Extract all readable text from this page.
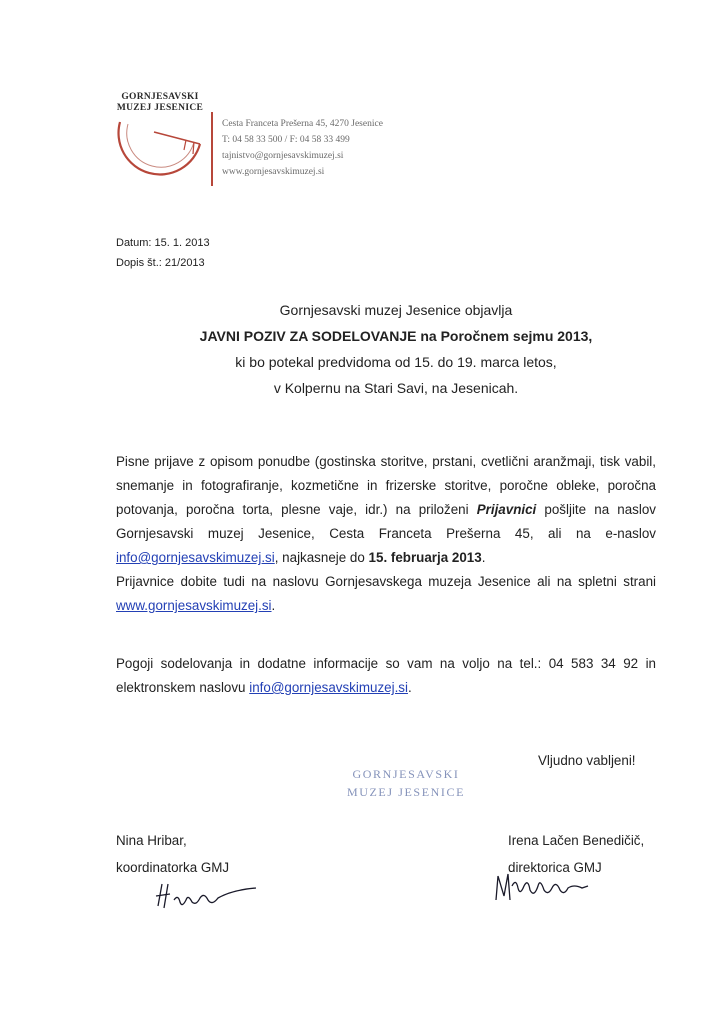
GORNJESAVSKI
MUZEJ JESENICE
Cesta Franceta Prešerna 45, 4270 Jesenice
T: 04 58 33 500 / F: 04 58 33 499
tajnistvo@gornjesavskimuzej.si
www.gornjesavskimuzej.si
Datum: 15. 1. 2013
Dopis št.: 21/2013
Gornjesavski muzej Jesenice objavlja
JAVNI POZIV ZA SODELOVANJE na Poročnem sejmu 2013,
ki bo potekal predvidoma od 15. do 19. marca letos,
v Kolpernu na Stari Savi, na Jesenicah.

Pisne prijave z opisom ponudbe (gostinska storitve, prstani, cvetlični aranžmaji, tisk vabil, snemanje in fotografiranje, kozmetične in frizerske storitve, poročne obleke, poročna potovanja, poročna torta, plesne vaje, idr.) na priloženi Prijavnici pošljite na naslov Gornjesavski muzej Jesenice, Cesta Franceta Prešerna 45, ali na e-naslov info@gornjesavskimuzej.si, najkasneje do 15. februarja 2013.

Prijavnice dobite tudi na naslovu Gornjesavskega muzeja Jesenice ali na spletni strani www.gornjesavskimuzej.si.

Pogoji sodelovanja in dodatne informacije so vam na voljo na tel.: 04 583 34 92 in elektronskem naslovu info@gornjesavskimuzej.si.

Vljudno vabljeni!
GORNJESAVSKI
MUZEJ JESENICE
Nina Hribar,
koordinatorka GMJ
Irena Lačen Benedičič,
direktorica GMJ
